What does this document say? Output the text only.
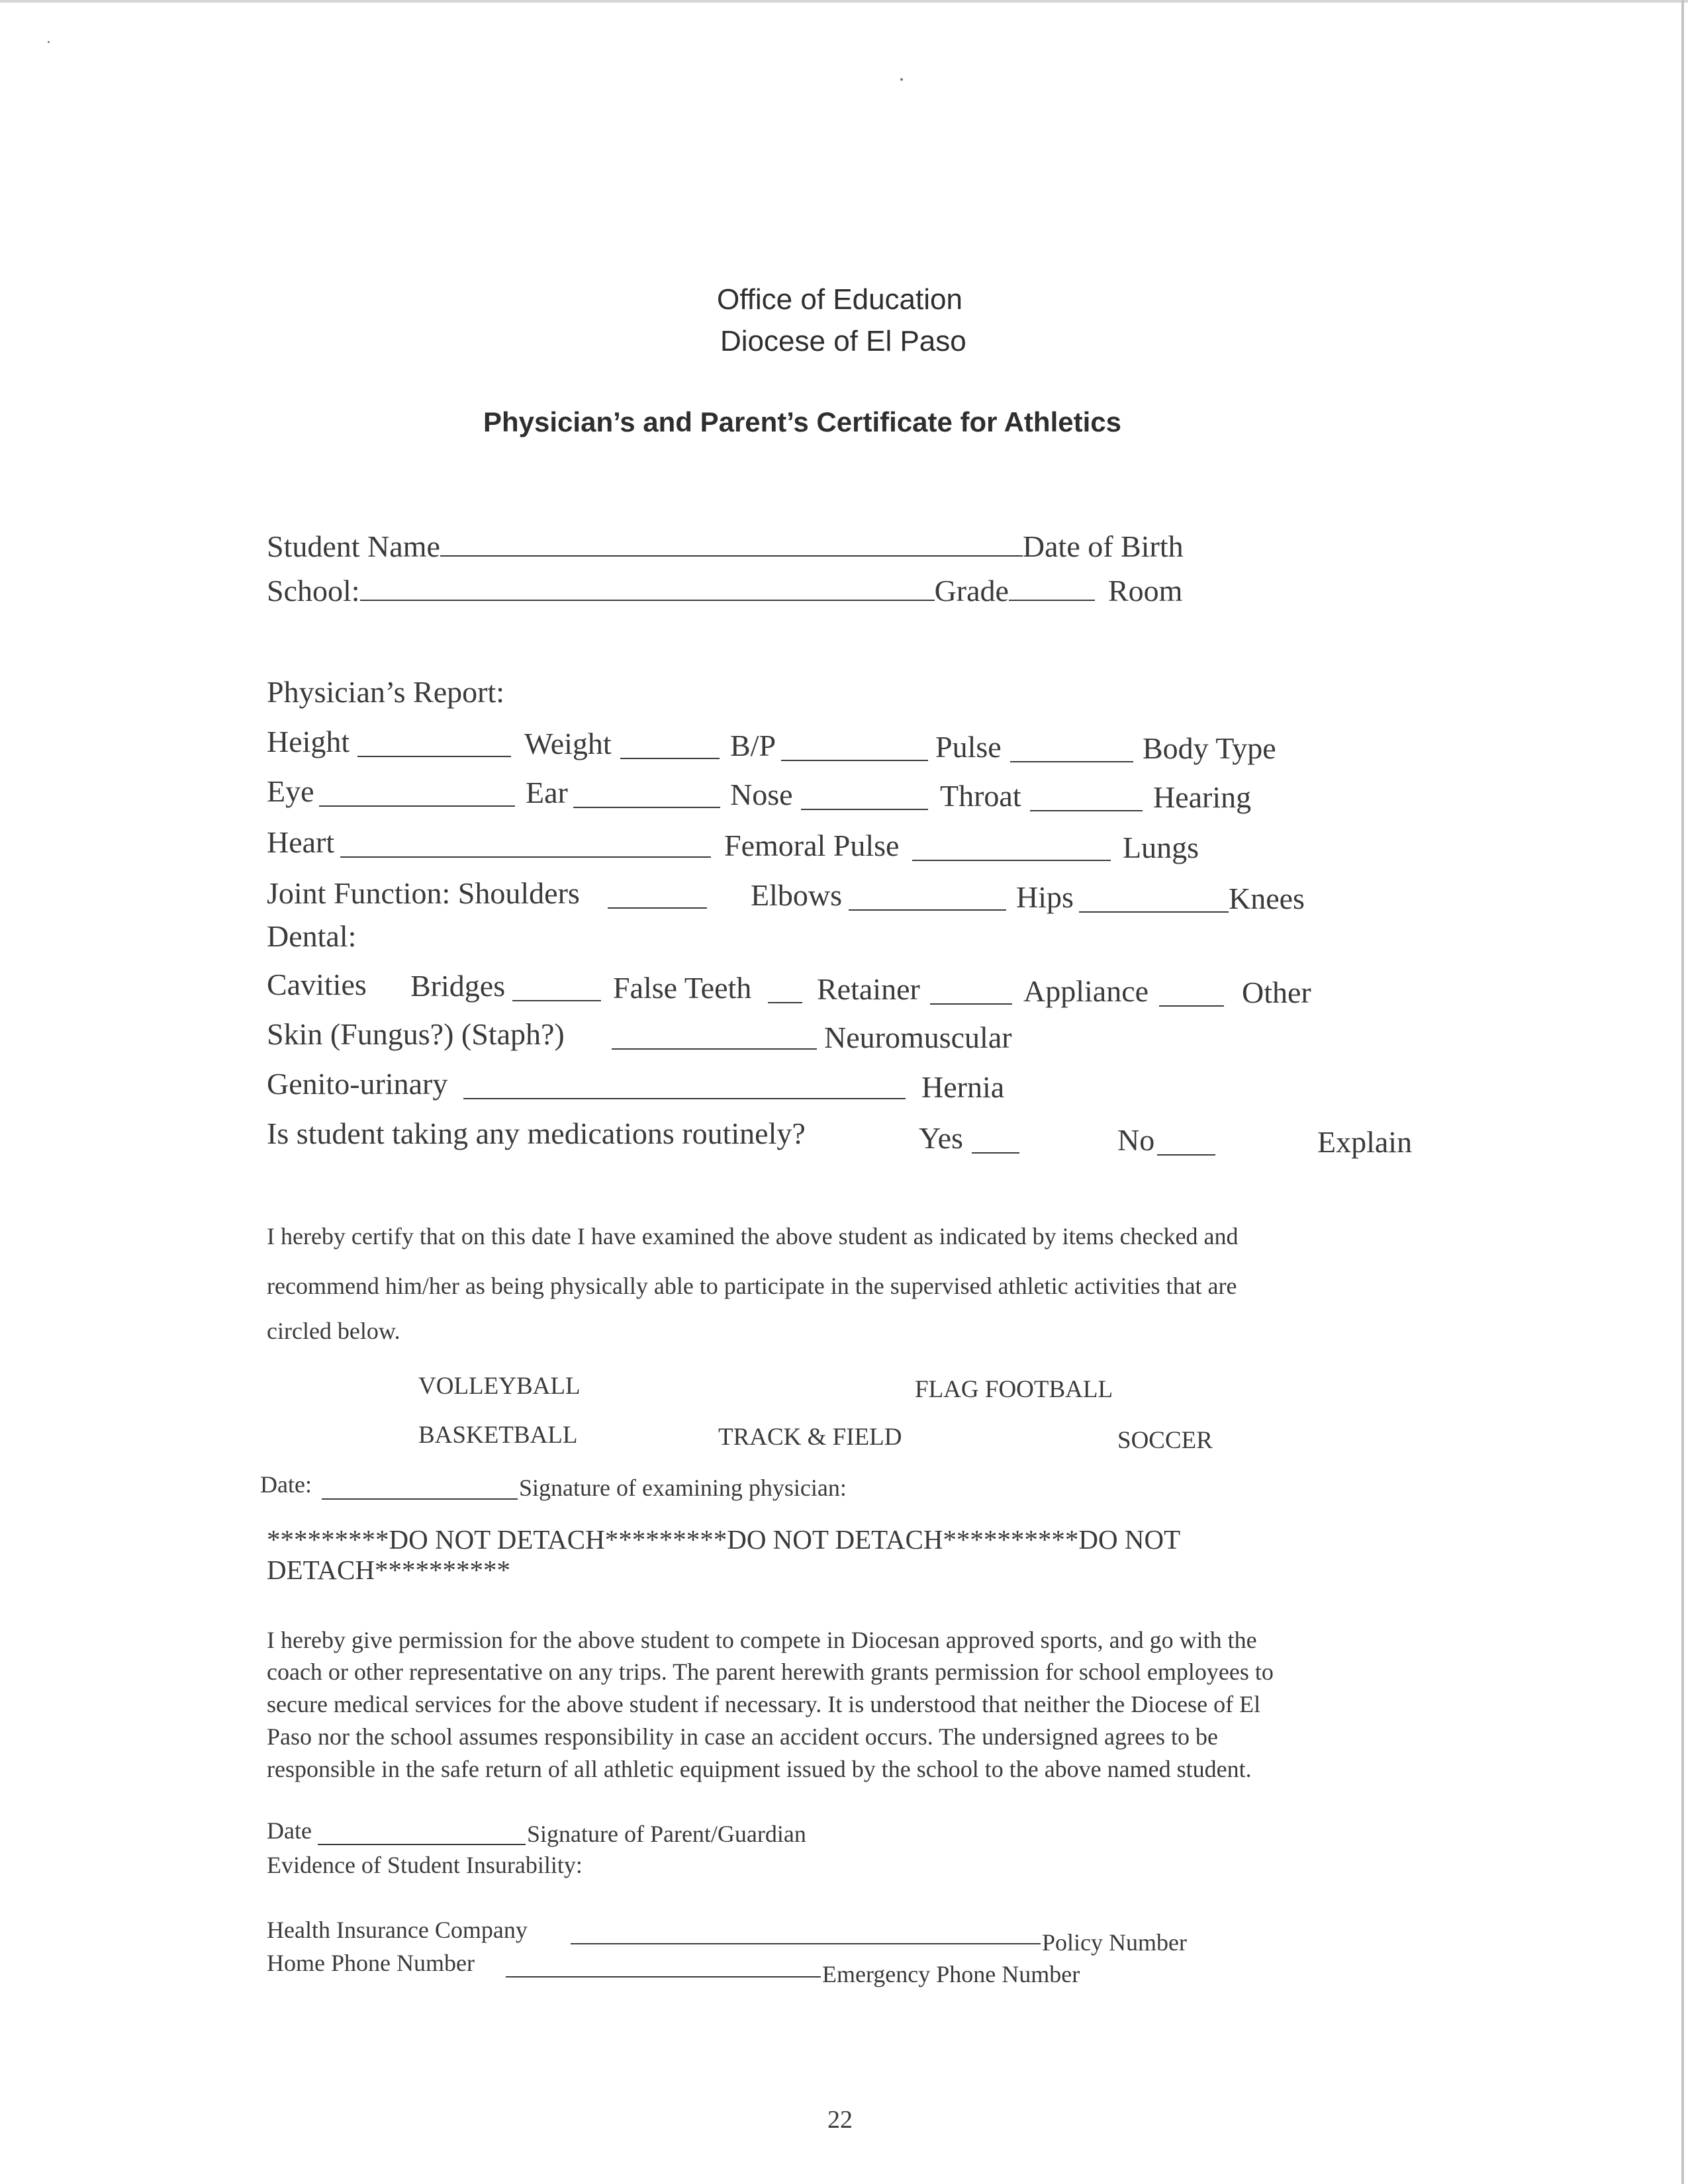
Office of Education
Diocese of El Paso
Physician’s and Parent’s Certificate for Athletics
Student Name	Date of Birth
School:	Grade	Room
Physician’s Report:
Height	Weight	B/P	Pulse	Body Type
Eye	Ear	Nose	Throat	Hearing
Heart	Femoral Pulse	Lungs
Joint Function: Shoulders	Elbows	Hips	Knees
Dental:
Cavities Bridges	False Teeth Retainer	Appliance	Other
Skin (Fungus?) (Staph?)	Neuromuscular
Genito-urinary	Hernia
Is student taking any medications routinely?	Yes	No	Explain
I hereby certify that on this date I have examined the above student as indicated by items checked and
recommend him/her as being physically able to participate in the supervised athletic activities that are
circled below.
VOLLEYBALL	FLAG FOOTBALL
BASKETBALL	TRACK & FIELD	SOCCER
Date:	Signature of examining physician:
*********DO NOT DETACH*********DO NOT DETACH**********DO NOT
DETACH**********
I hereby give permission for the above student to compete in Diocesan approved sports, and go with the
coach or other representative on any trips. The parent herewith grants permission for school employees to
secure medical services for the above student if necessary. It is understood that neither the Diocese of El
Paso nor the school assumes responsibility in case an accident occurs. The undersigned agrees to be
responsible in the safe return of all athletic equipment issued by the school to the above named student.
Date	Signature of Parent/Guardian
Evidence of Student Insurability:
Health Insurance Company	Policy Number
Home Phone Number	Emergency Phone Number
22
